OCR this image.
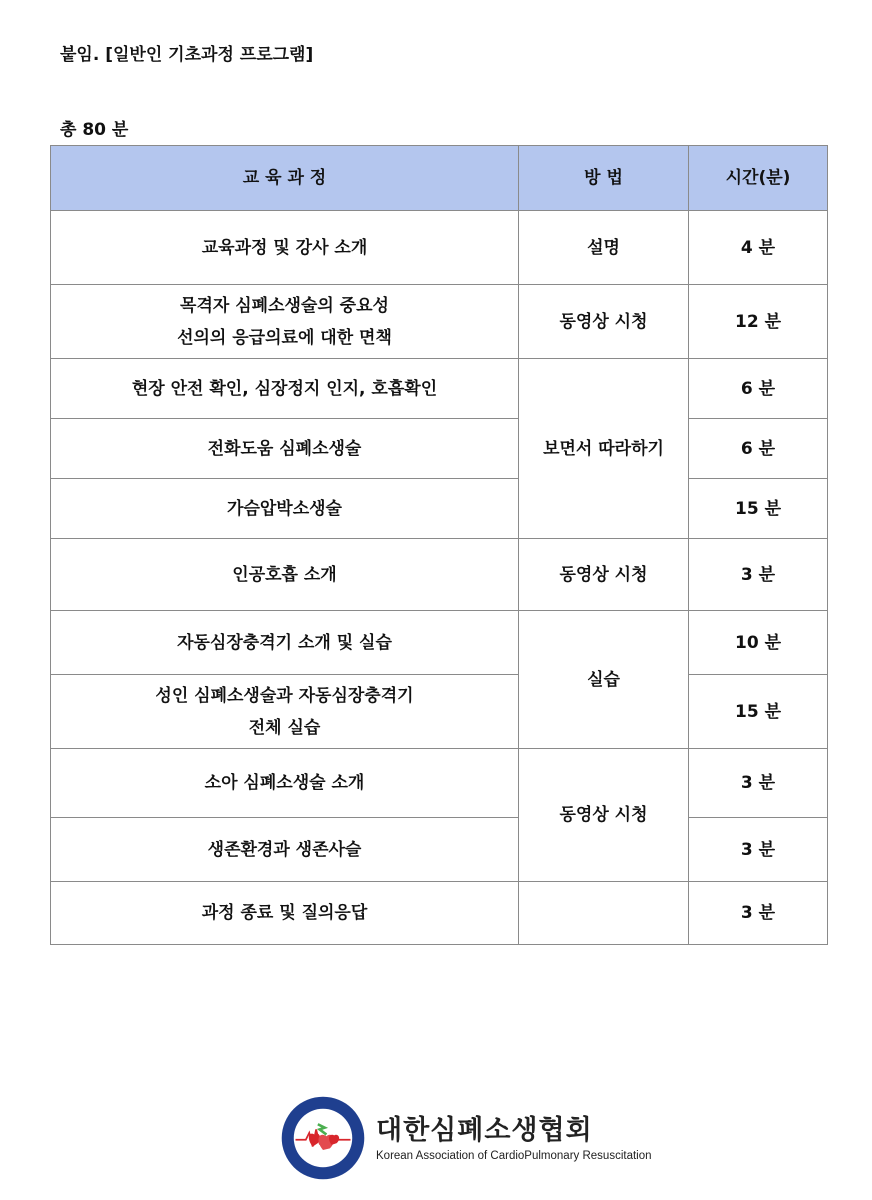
붙임. [일반인 기초과정 프로그램]
총 80 분
교 육 과 정	방 법	시간(분)

교육과정 및 강사 소개	설명	4 분

목격자 심폐소생술의 중요성
선의의 응급의료에 대한 면책	동영상 시청	12 분

현장 안전 확인, 심장정지 인지, 호흡확인	보면서 따라하기	6 분

전화도움 심폐소생술		6 분

가슴압박소생술		15 분

인공호흡 소개	동영상 시청	3 분

자동심장충격기 소개 및 실습	실습	10 분

성인 심폐소생술과 자동심장충격기
전체 실습		15 분

소아 심폐소생술 소개	동영상 시청	3 분

생존환경과 생존사슬		3 분

과정 종료 및 질의응답		3 분
대한심폐소생협회
Korean Association of CardioPulmonary Resuscitation
